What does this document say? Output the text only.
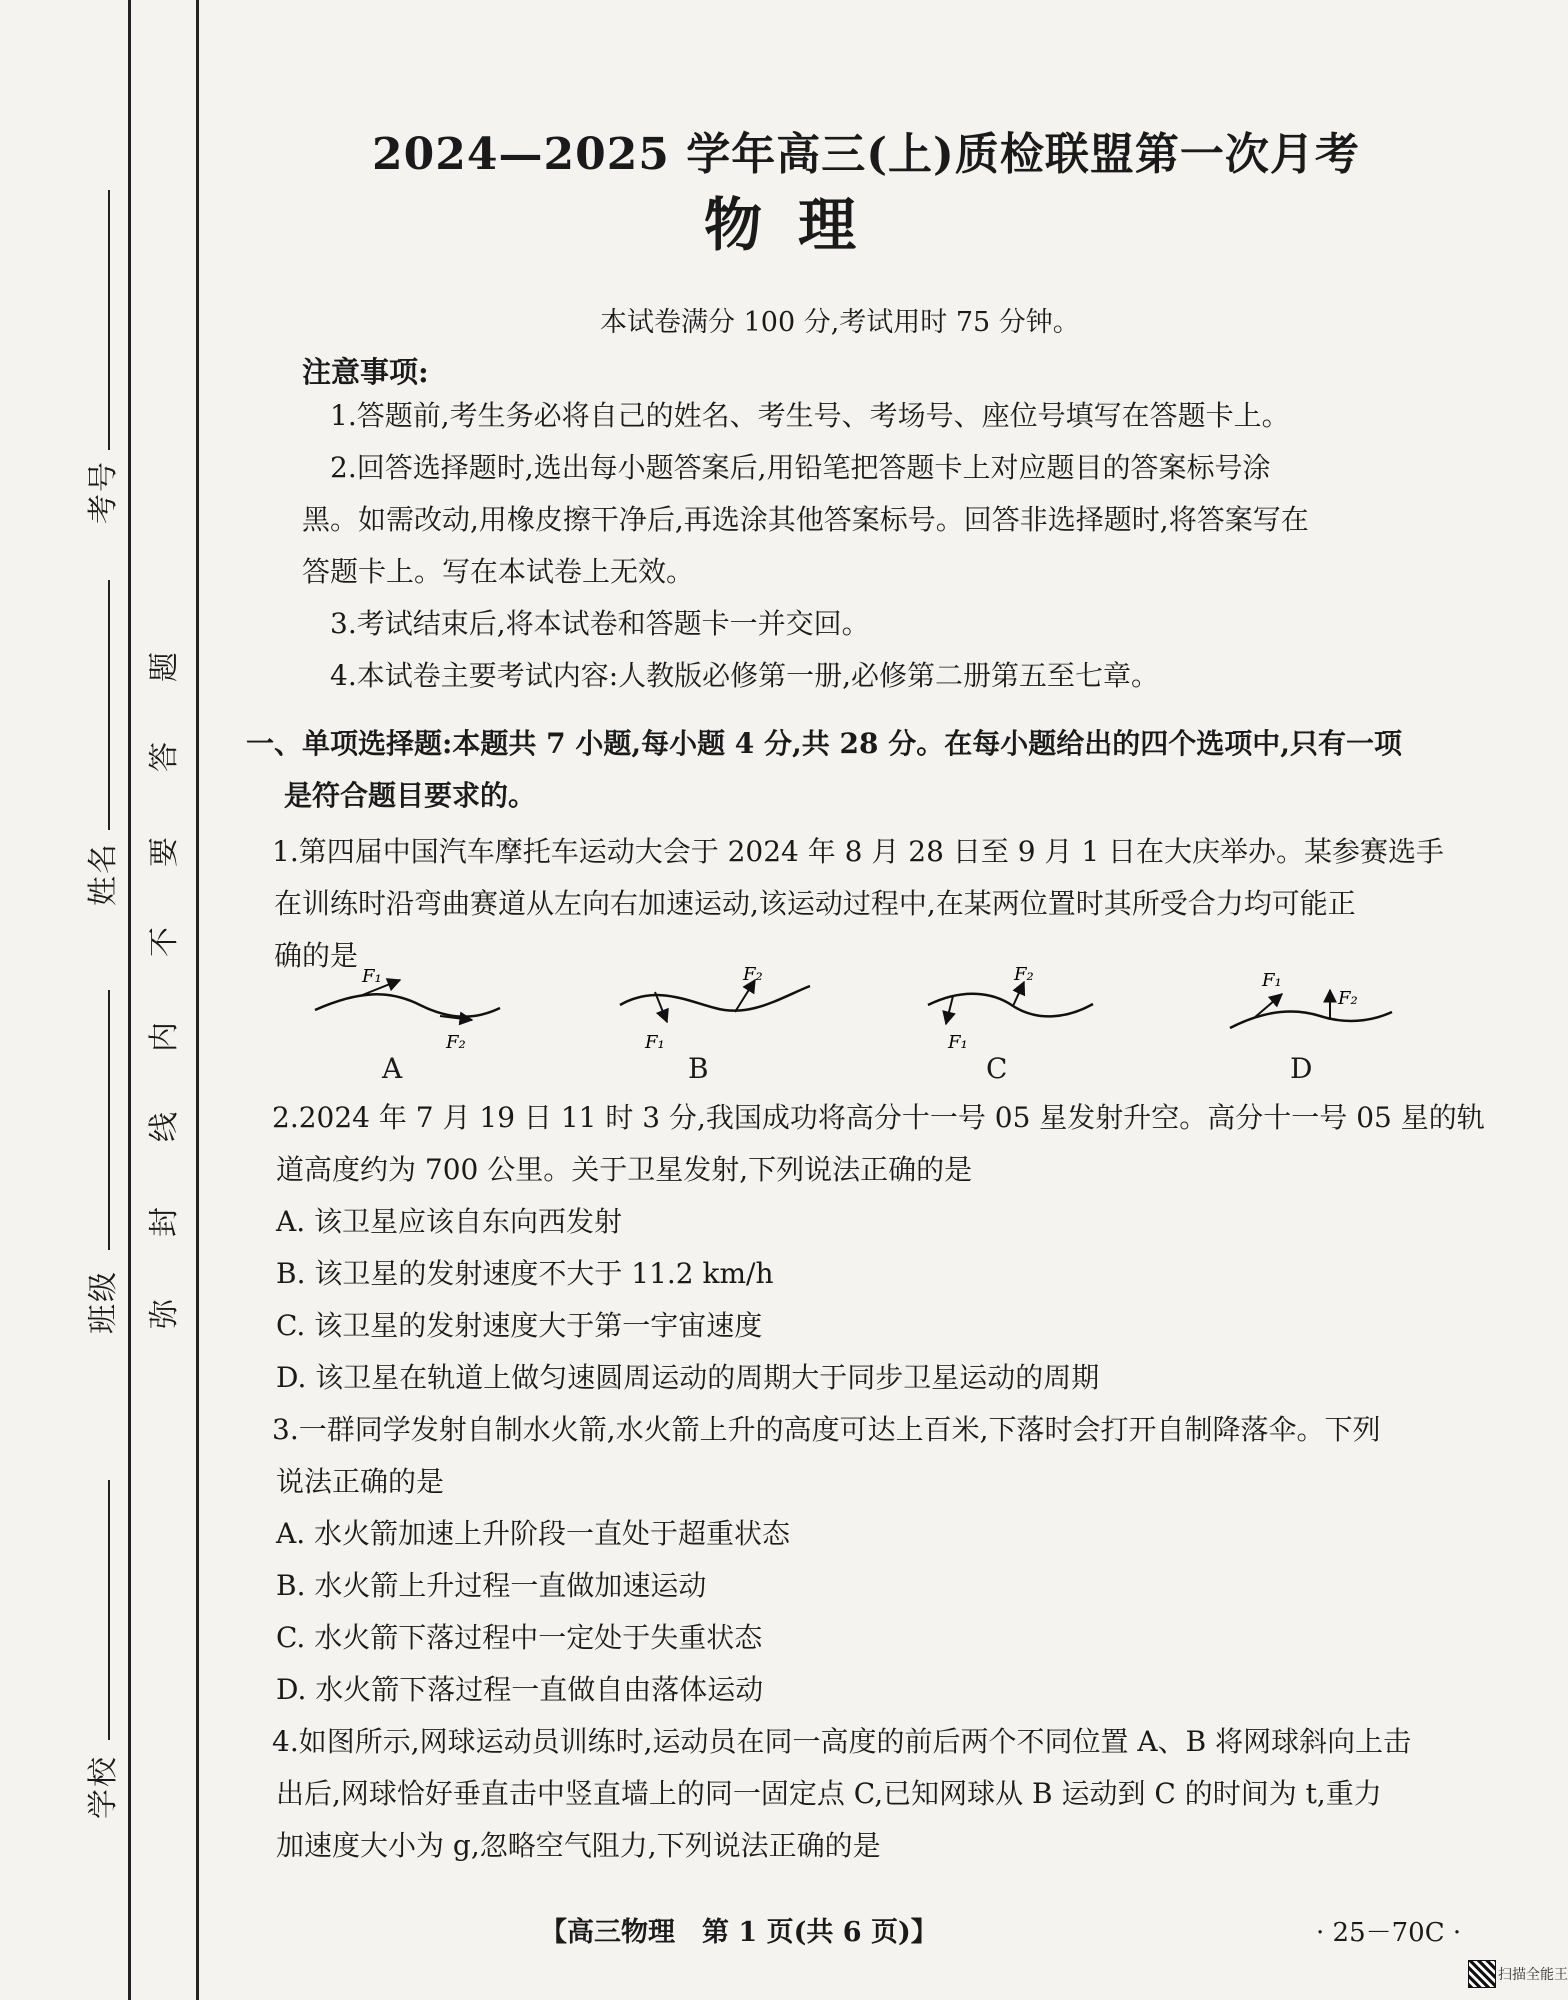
考号
姓名
班级
学校
题
答
要
不
内
线
封
弥
2024—2025 学年高三(上)质检联盟第一次月考
物理
本试卷满分 100 分,考试用时 75 分钟。
注意事项:
1.答题前,考生务必将自己的姓名、考生号、考场号、座位号填写在答题卡上。
2.回答选择题时,选出每小题答案后,用铅笔把答题卡上对应题目的答案标号涂
黑。如需改动,用橡皮擦干净后,再选涂其他答案标号。回答非选择题时,将答案写在
答题卡上。写在本试卷上无效。
3.考试结束后,将本试卷和答题卡一并交回。
4.本试卷主要考试内容:人教版必修第一册,必修第二册第五至七章。
一、单项选择题:本题共 7 小题,每小题 4 分,共 28 分。在每小题给出的四个选项中,只有一项
是符合题目要求的。
1.第四届中国汽车摩托车运动大会于 2024 年 8 月 28 日至 9 月 1 日在大庆举办。某参赛选手
在训练时沿弯曲赛道从左向右加速运动,该运动过程中,在某两位置时其所受合力均可能正
确的是
F₁
F₂
A
F₁
F₂
B
F₁
F₂
C
F₁
F₂
D
2.2024 年 7 月 19 日 11 时 3 分,我国成功将高分十一号 05 星发射升空。高分十一号 05 星的轨
道高度约为 700 公里。关于卫星发射,下列说法正确的是
A. 该卫星应该自东向西发射
B. 该卫星的发射速度不大于 11.2 km/h
C. 该卫星的发射速度大于第一宇宙速度
D. 该卫星在轨道上做匀速圆周运动的周期大于同步卫星运动的周期
3.一群同学发射自制水火箭,水火箭上升的高度可达上百米,下落时会打开自制降落伞。下列
说法正确的是
A. 水火箭加速上升阶段一直处于超重状态
B. 水火箭上升过程一直做加速运动
C. 水火箭下落过程中一定处于失重状态
D. 水火箭下落过程一直做自由落体运动
4.如图所示,网球运动员训练时,运动员在同一高度的前后两个不同位置 A、B 将网球斜向上击
出后,网球恰好垂直击中竖直墙上的同一固定点 C,已知网球从 B 运动到 C 的时间为 t,重力
加速度大小为 g,忽略空气阻力,下列说法正确的是
【高三物理　第 1 页(共 6 页)】	· 25－70C ·
扫描全能王
